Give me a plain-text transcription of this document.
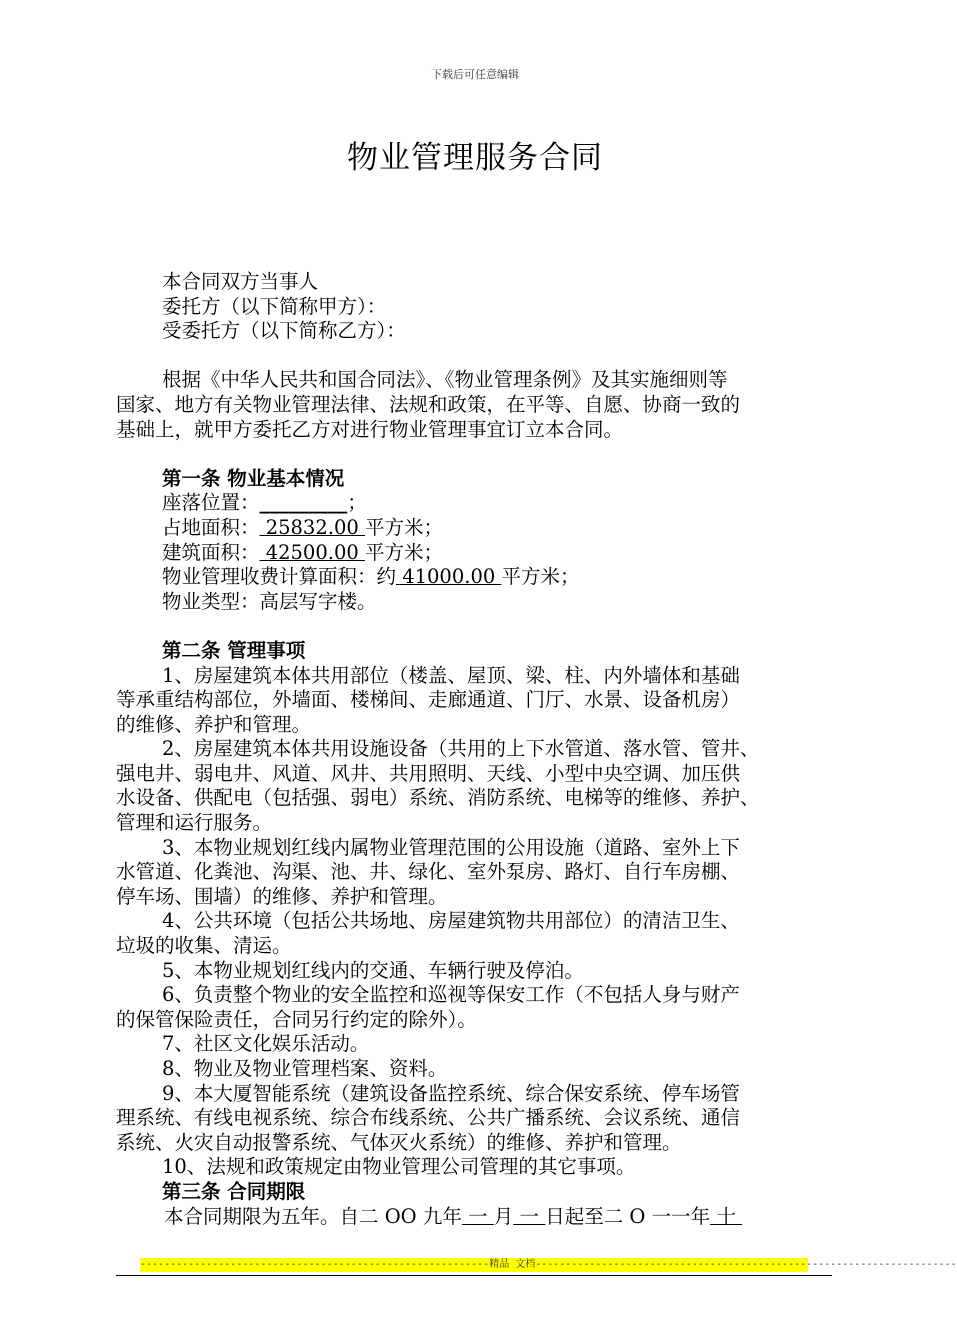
下载后可任意编辑
物业管理服务合同
本合同双方当事人
委托方（以下简称甲方）：
受委托方（以下简称乙方）：
根据《中华人民共和国合同法》、《物业管理条例》及其实施细则等
国家、地方有关物业管理法律、法规和政策，在平等、自愿、协商一致的
基础上，就甲方委托乙方对进行物业管理事宜订立本合同。
第一条 物业基本情况
座落位置：_________；
占地面积： 25832.00 平方米；
建筑面积： 42500.00 平方米；
物业管理收费计算面积：约 41000.00 平方米；
物业类型：高层写字楼。
第二条 管理事项
1、房屋建筑本体共用部位（楼盖、屋顶、梁、柱、内外墙体和基础
等承重结构部位，外墙面、楼梯间、走廊通道、门厅、水景、设备机房）
的维修、养护和管理。
2、房屋建筑本体共用设施设备（共用的上下水管道、落水管、管井、
强电井、弱电井、风道、风井、共用照明、天线、小型中央空调、加压供
水设备、供配电（包括强、弱电）系统、消防系统、电梯等的维修、养护、
管理和运行服务。
3、本物业规划红线内属物业管理范围的公用设施（道路、室外上下
水管道、化粪池、沟渠、池、井、绿化、室外泵房、路灯、自行车房棚、
停车场、围墙）的维修、养护和管理。
4、公共环境（包括公共场地、房屋建筑物共用部位）的清洁卫生、
垃圾的收集、清运。
5、本物业规划红线内的交通、车辆行驶及停泊。
6、负责整个物业的安全监控和巡视等保安工作（不包括人身与财产
的保管保险责任，合同另行约定的除外）。
7、社区文化娱乐活动。
8、物业及物业管理档案、资料。
9、本大厦智能系统（建筑设备监控系统、综合保安系统、停车场管
理系统、有线电视系统、综合布线系统、公共广播系统、会议系统、通信
系统、火灾自动报警系统、气体灭火系统）的维修、养护和管理。
10、法规和政策规定由物业管理公司管理的其它事项。
第三条 合同期限
本合同期限为五年。自二 OO 九年 一 月 一 日起至二 O 一一年 十
----------------------------------------------------------精品 文档----------------------------------------------------------------------
